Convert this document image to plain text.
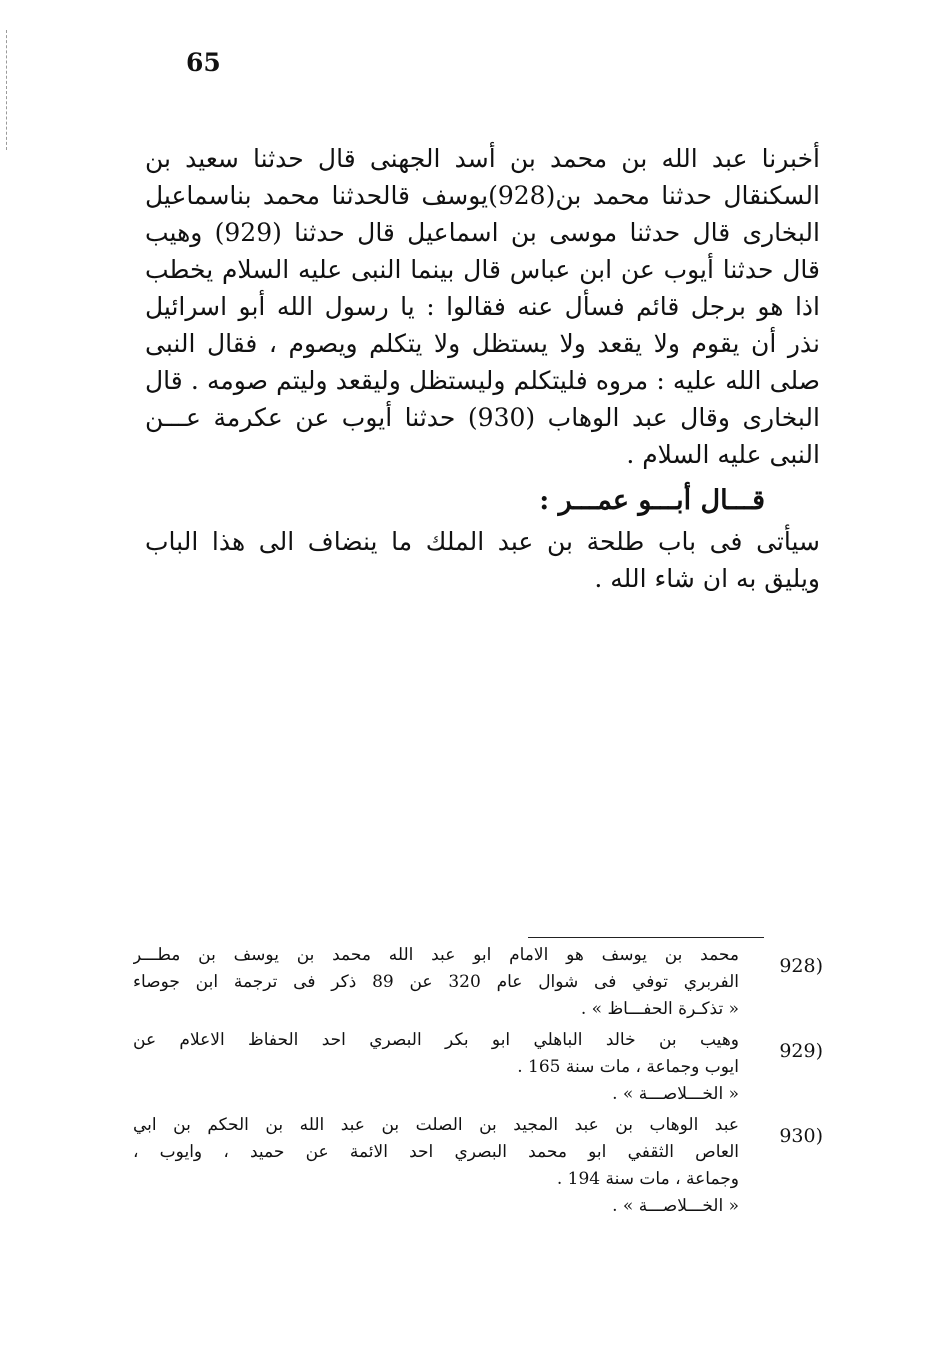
65
أخبرنا عبد الله بن محمد بن أسد الجهنى قال حدثنا سعيد بن
السكنقال حدثنا محمد بن(928)يوسف قالحدثنا محمد بناسماعيل
البخارى قال حدثنا موسى بن اسماعيل قال حدثنا (929) وهيب
قال حدثنا أيوب عن ابن عباس قال بينما النبى عليه السلام يخطب
اذا هو برجل قائم فسأل عنه فقالوا : يا رسول الله أبو اسرائيل
نذر أن يقوم ولا يقعد ولا يستظل ولا يتكلم ويصوم ، فقال النبى
صلى الله عليه : مروه فليتكلم وليستظل وليقعد وليتم صومه . قال
البخارى وقال عبد الوهاب (930) حدثنا أيوب عن عكرمة عـــن
النبى عليه السلام .
قـــال أبـــو عمـــر :
سيأتى فى باب طلحة بن عبد الملك ما ينضاف الى هذا الباب
ويليق به ان شاء الله .
محمد بن يوسف هو الامام ابو عبد الله محمد بن يوسف بن مطـــر
الفربري توفي فى شوال عام 320 عن 89 ذكر فى ترجمة ابن جوصاء
« تذكـرة الحفـــاظ » .
928)
وهيب بن خالد الباهلي ابو بكر البصري احد الحفاظ الاعلام عن
ايوب وجماعة ، مات سنة 165 .
« الخـــلاصـــة » .
929)
عبد الوهاب بن عبد المجيد بن الصلت بن عبد الله بن الحكم بن ابي
العاص الثقفي ابو محمد البصري احد الائمة عن حميد ، وايوب ،
وجماعة ، مات سنة 194 .
« الخـــلاصـــة » .
930)
